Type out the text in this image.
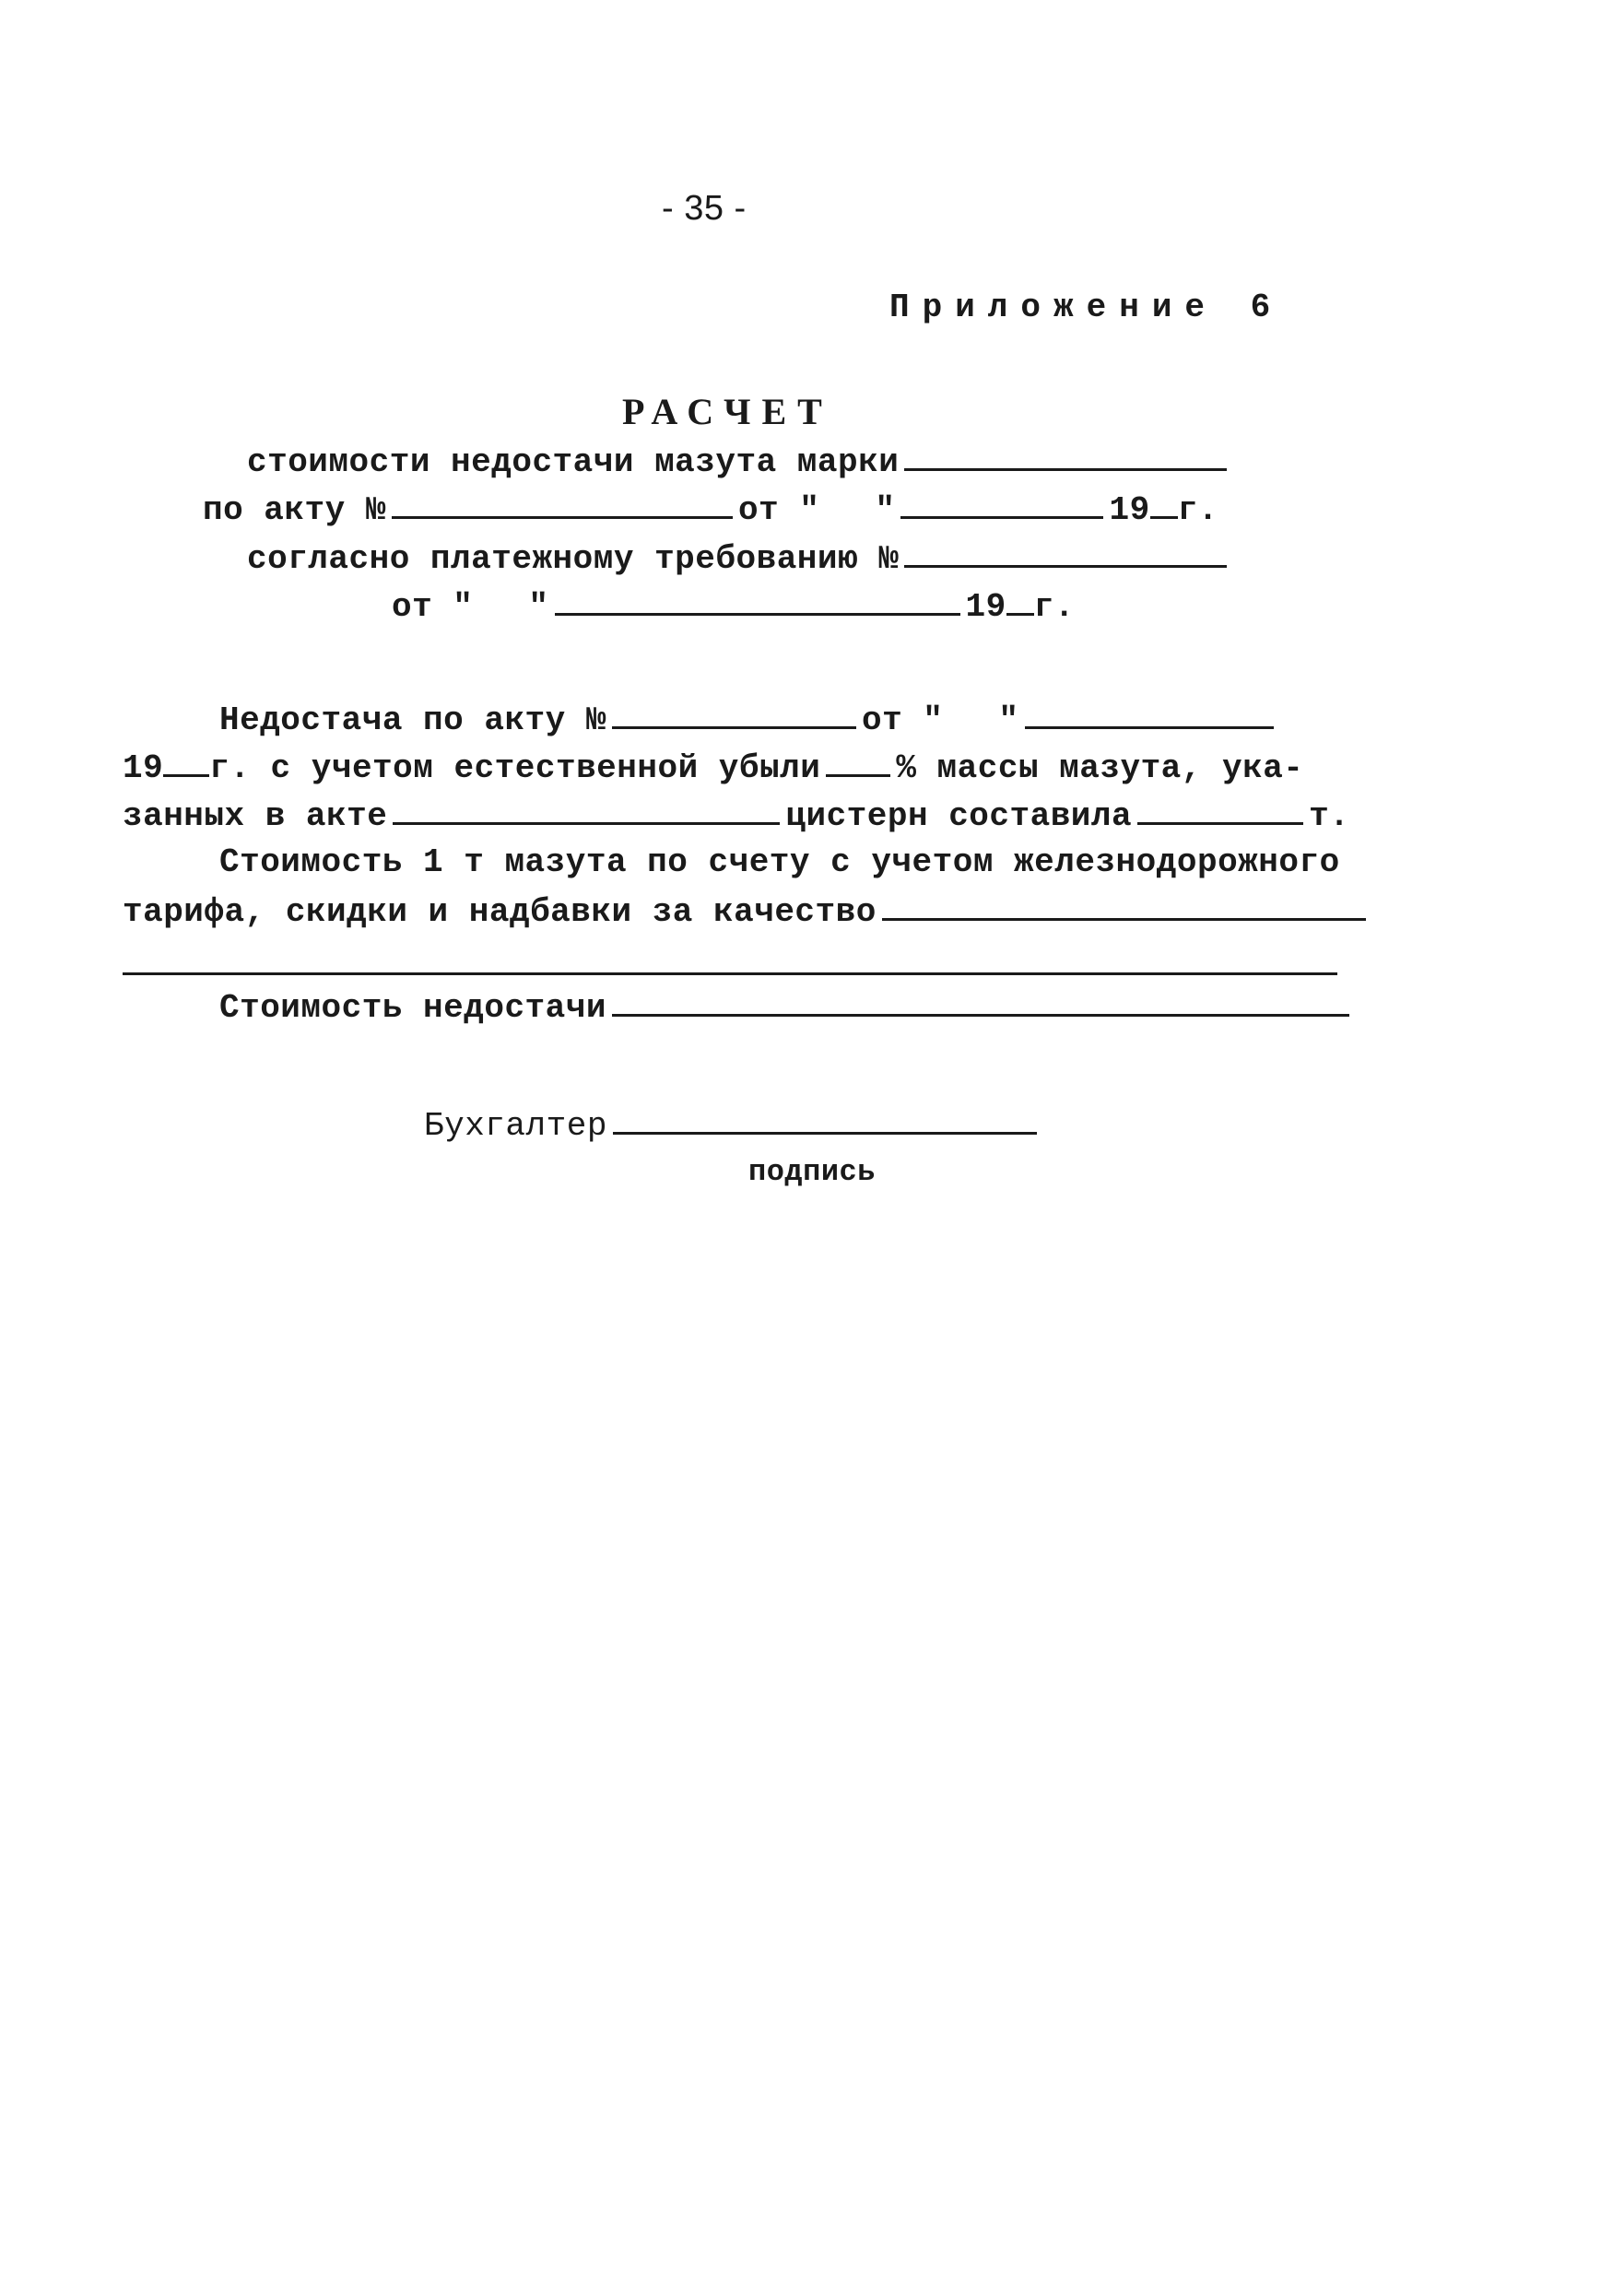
- 35 -
Приложение 6
РАСЧЕТ
стоимости недостачи мазута марки
по акту №	от " "	19 г.
согласно платежному требованию №
от " "	19 г.
Недостача по акту №	от " "
19 г. с учетом естественной убыли % массы мазута, ука-
занных в акте	цистерн составила	т.
Стоимость 1 т мазута по счету с учетом железнодорожного
тарифа, скидки и надбавки за качество
Стоимость недостачи
Бухгалтер
подпись
